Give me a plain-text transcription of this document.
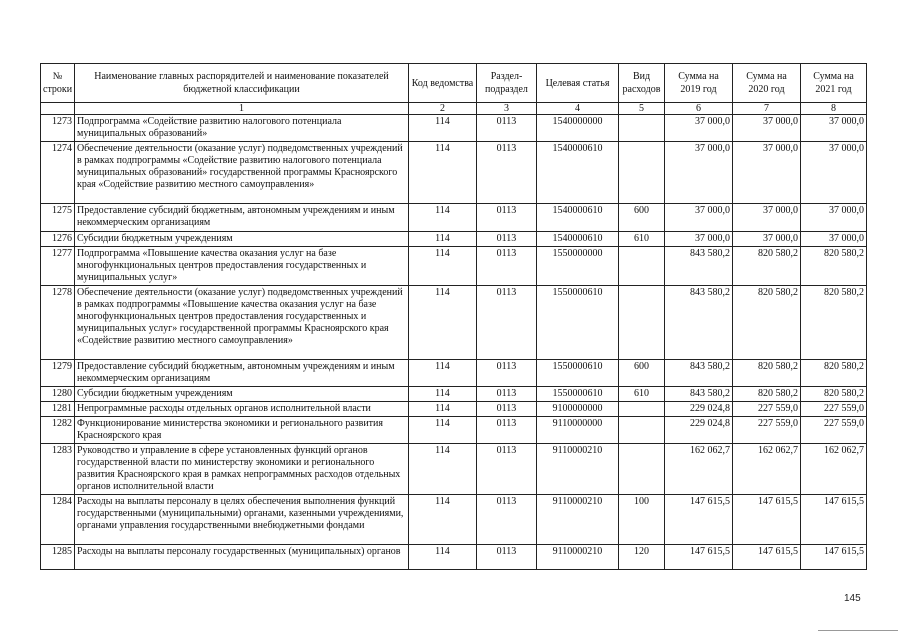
№ строки	Наименование главных распорядителей и наименование показателей бюджетной классификации	Код ведомства	Раздел-подраздел	Целевая статья	Вид расходов	Сумма на 2019 год	Сумма на 2020 год	Сумма на 2021 год
	1	2	3	4	5	6	7	8
1273	Подпрограмма «Содействие развитию налогового потенциала муниципальных образований»	114	0113	1540000000		37 000,0	37 000,0	37 000,0
1274	Обеспечение деятельности (оказание услуг) подведомственных учреждений в рамках подпрограммы «Содействие развитию налогового потенциала муниципальных образований» государственной программы Красноярского края «Содействие развитию местного самоуправления»	114	0113	1540000610		37 000,0	37 000,0	37 000,0
1275	Предоставление субсидий бюджетным, автономным учреждениям и иным некоммерческим организациям	114	0113	1540000610	600	37 000,0	37 000,0	37 000,0
1276	Субсидии бюджетным учреждениям	114	0113	1540000610	610	37 000,0	37 000,0	37 000,0
1277	Подпрограмма «Повышение качества оказания услуг на базе многофункциональных центров предоставления государственных и муниципальных услуг»	114	0113	1550000000		843 580,2	820 580,2	820 580,2
1278	Обеспечение деятельности (оказание услуг) подведомственных учреждений в рамках подпрограммы «Повышение качества оказания услуг на базе многофункциональных центров предоставления государственных и муниципальных услуг» государственной программы Красноярского края «Содействие развитию местного самоуправления»	114	0113	1550000610		843 580,2	820 580,2	820 580,2
1279	Предоставление субсидий бюджетным, автономным учреждениям и иным некоммерческим организациям	114	0113	1550000610	600	843 580,2	820 580,2	820 580,2
1280	Субсидии бюджетным учреждениям	114	0113	1550000610	610	843 580,2	820 580,2	820 580,2
1281	Непрограммные расходы отдельных органов исполнительной власти	114	0113	9100000000		229 024,8	227 559,0	227 559,0
1282	Функционирование министерства экономики и регионального развития Красноярского края	114	0113	9110000000		229 024,8	227 559,0	227 559,0
1283	Руководство и управление в сфере установленных функций органов государственной власти по министерству экономики и регионального развития Красноярского края в рамках непрограммных расходов отдельных органов исполнительной власти	114	0113	9110000210		162 062,7	162 062,7	162 062,7
1284	Расходы на выплаты персоналу в целях обеспечения выполнения функций государственными (муниципальными) органами, казенными учреждениями, органами управления государственными внебюджетными фондами	114	0113	9110000210	100	147 615,5	147 615,5	147 615,5
1285	Расходы на выплаты персоналу государственных (муниципальных) органов	114	0113	9110000210	120	147 615,5	147 615,5	147 615,5
145
